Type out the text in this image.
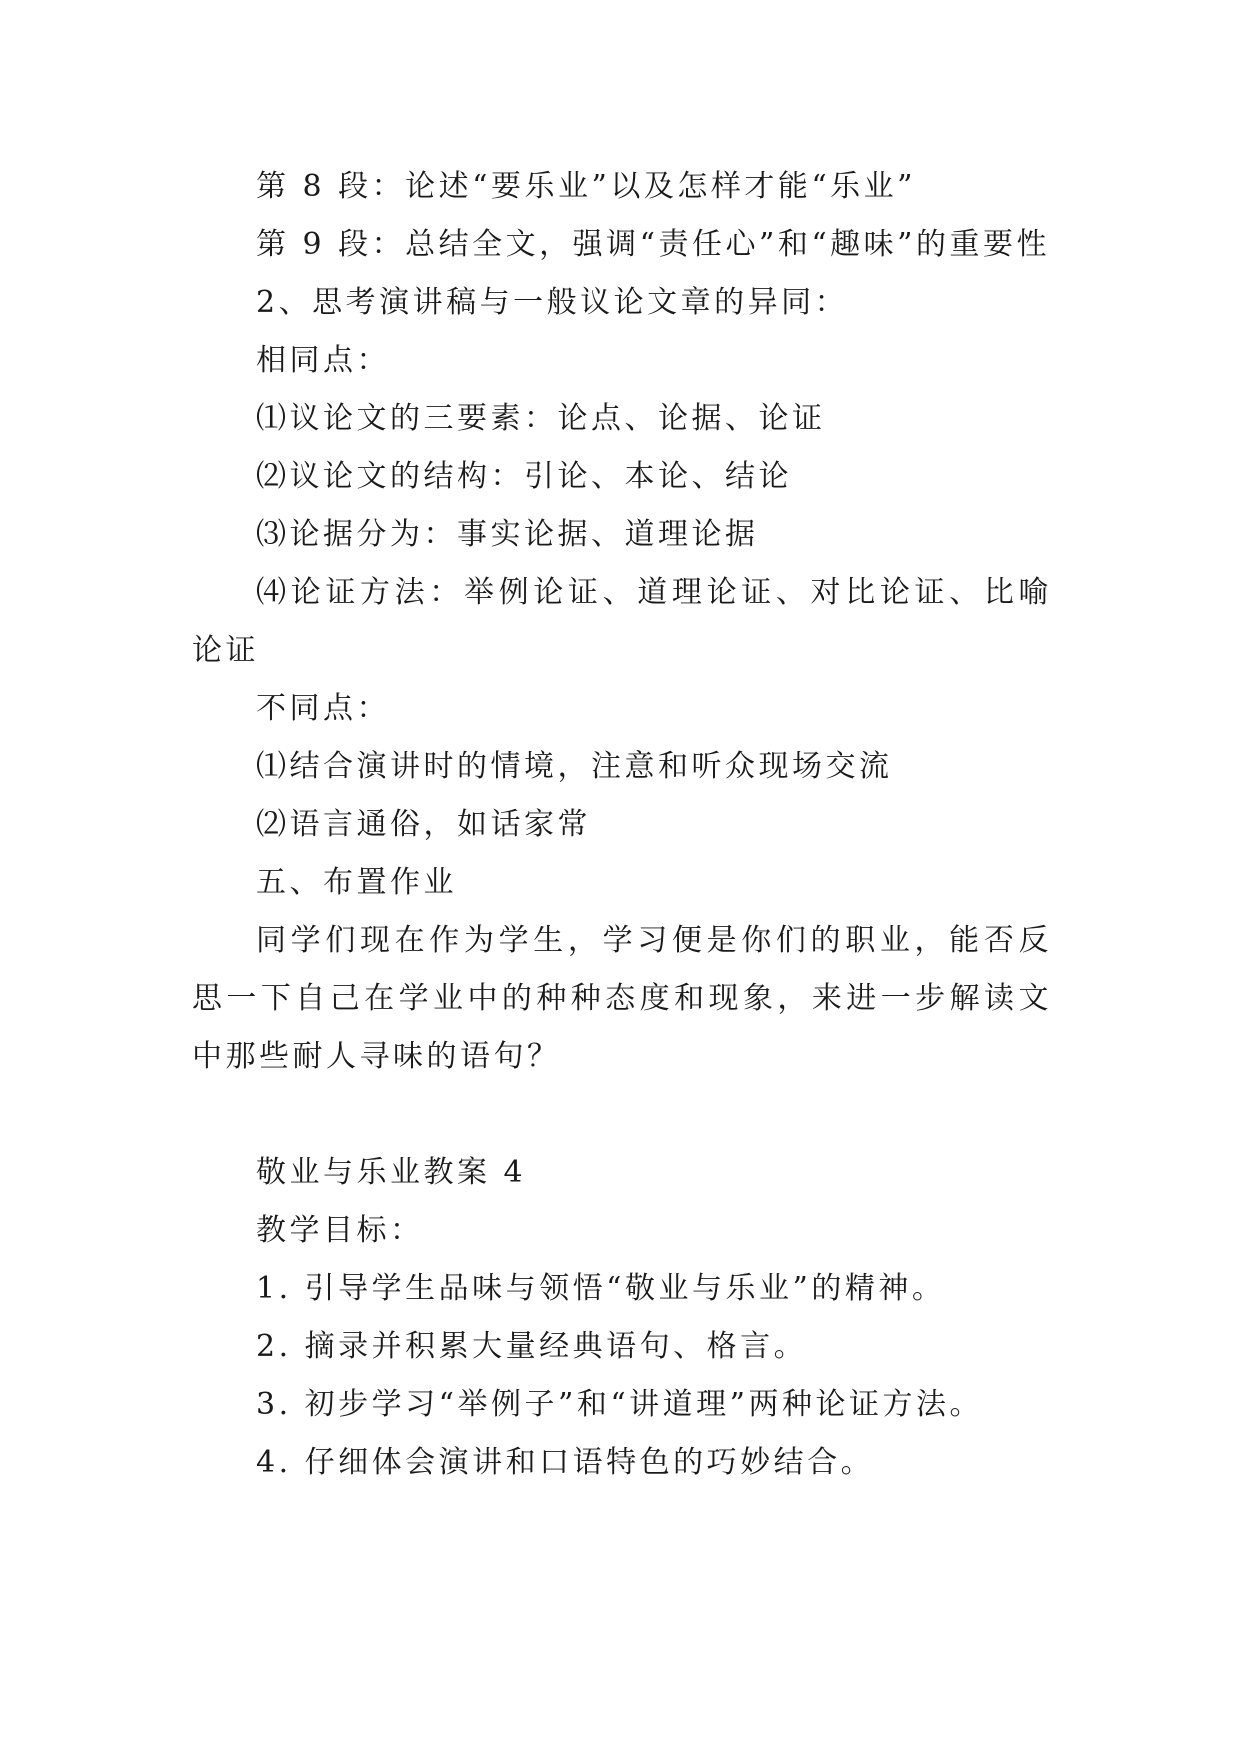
第 8 段：论述“要乐业”以及怎样才能“乐业”

第 9 段：总结全文，强调“责任心”和“趣味”的重要性

2、思考演讲稿与一般议论文章的异同：

相同点：

⑴议论文的三要素：论点、论据、论证

⑵议论文的结构：引论、本论、结论

⑶论据分为：事实论据、道理论据

⑷论证方法：举例论证、道理论证、对比论证、比喻论证

不同点：

⑴结合演讲时的情境，注意和听众现场交流

⑵语言通俗，如话家常

五、布置作业

同学们现在作为学生，学习便是你们的职业，能否反思一下自己在学业中的种种态度和现象，来进一步解读文中那些耐人寻味的语句？

敬业与乐业教案 4

教学目标：

1. 引导学生品味与领悟“敬业与乐业”的精神。

2. 摘录并积累大量经典语句、格言。

3. 初步学习“举例子”和“讲道理”两种论证方法。

4. 仔细体会演讲和口语特色的巧妙结合。
